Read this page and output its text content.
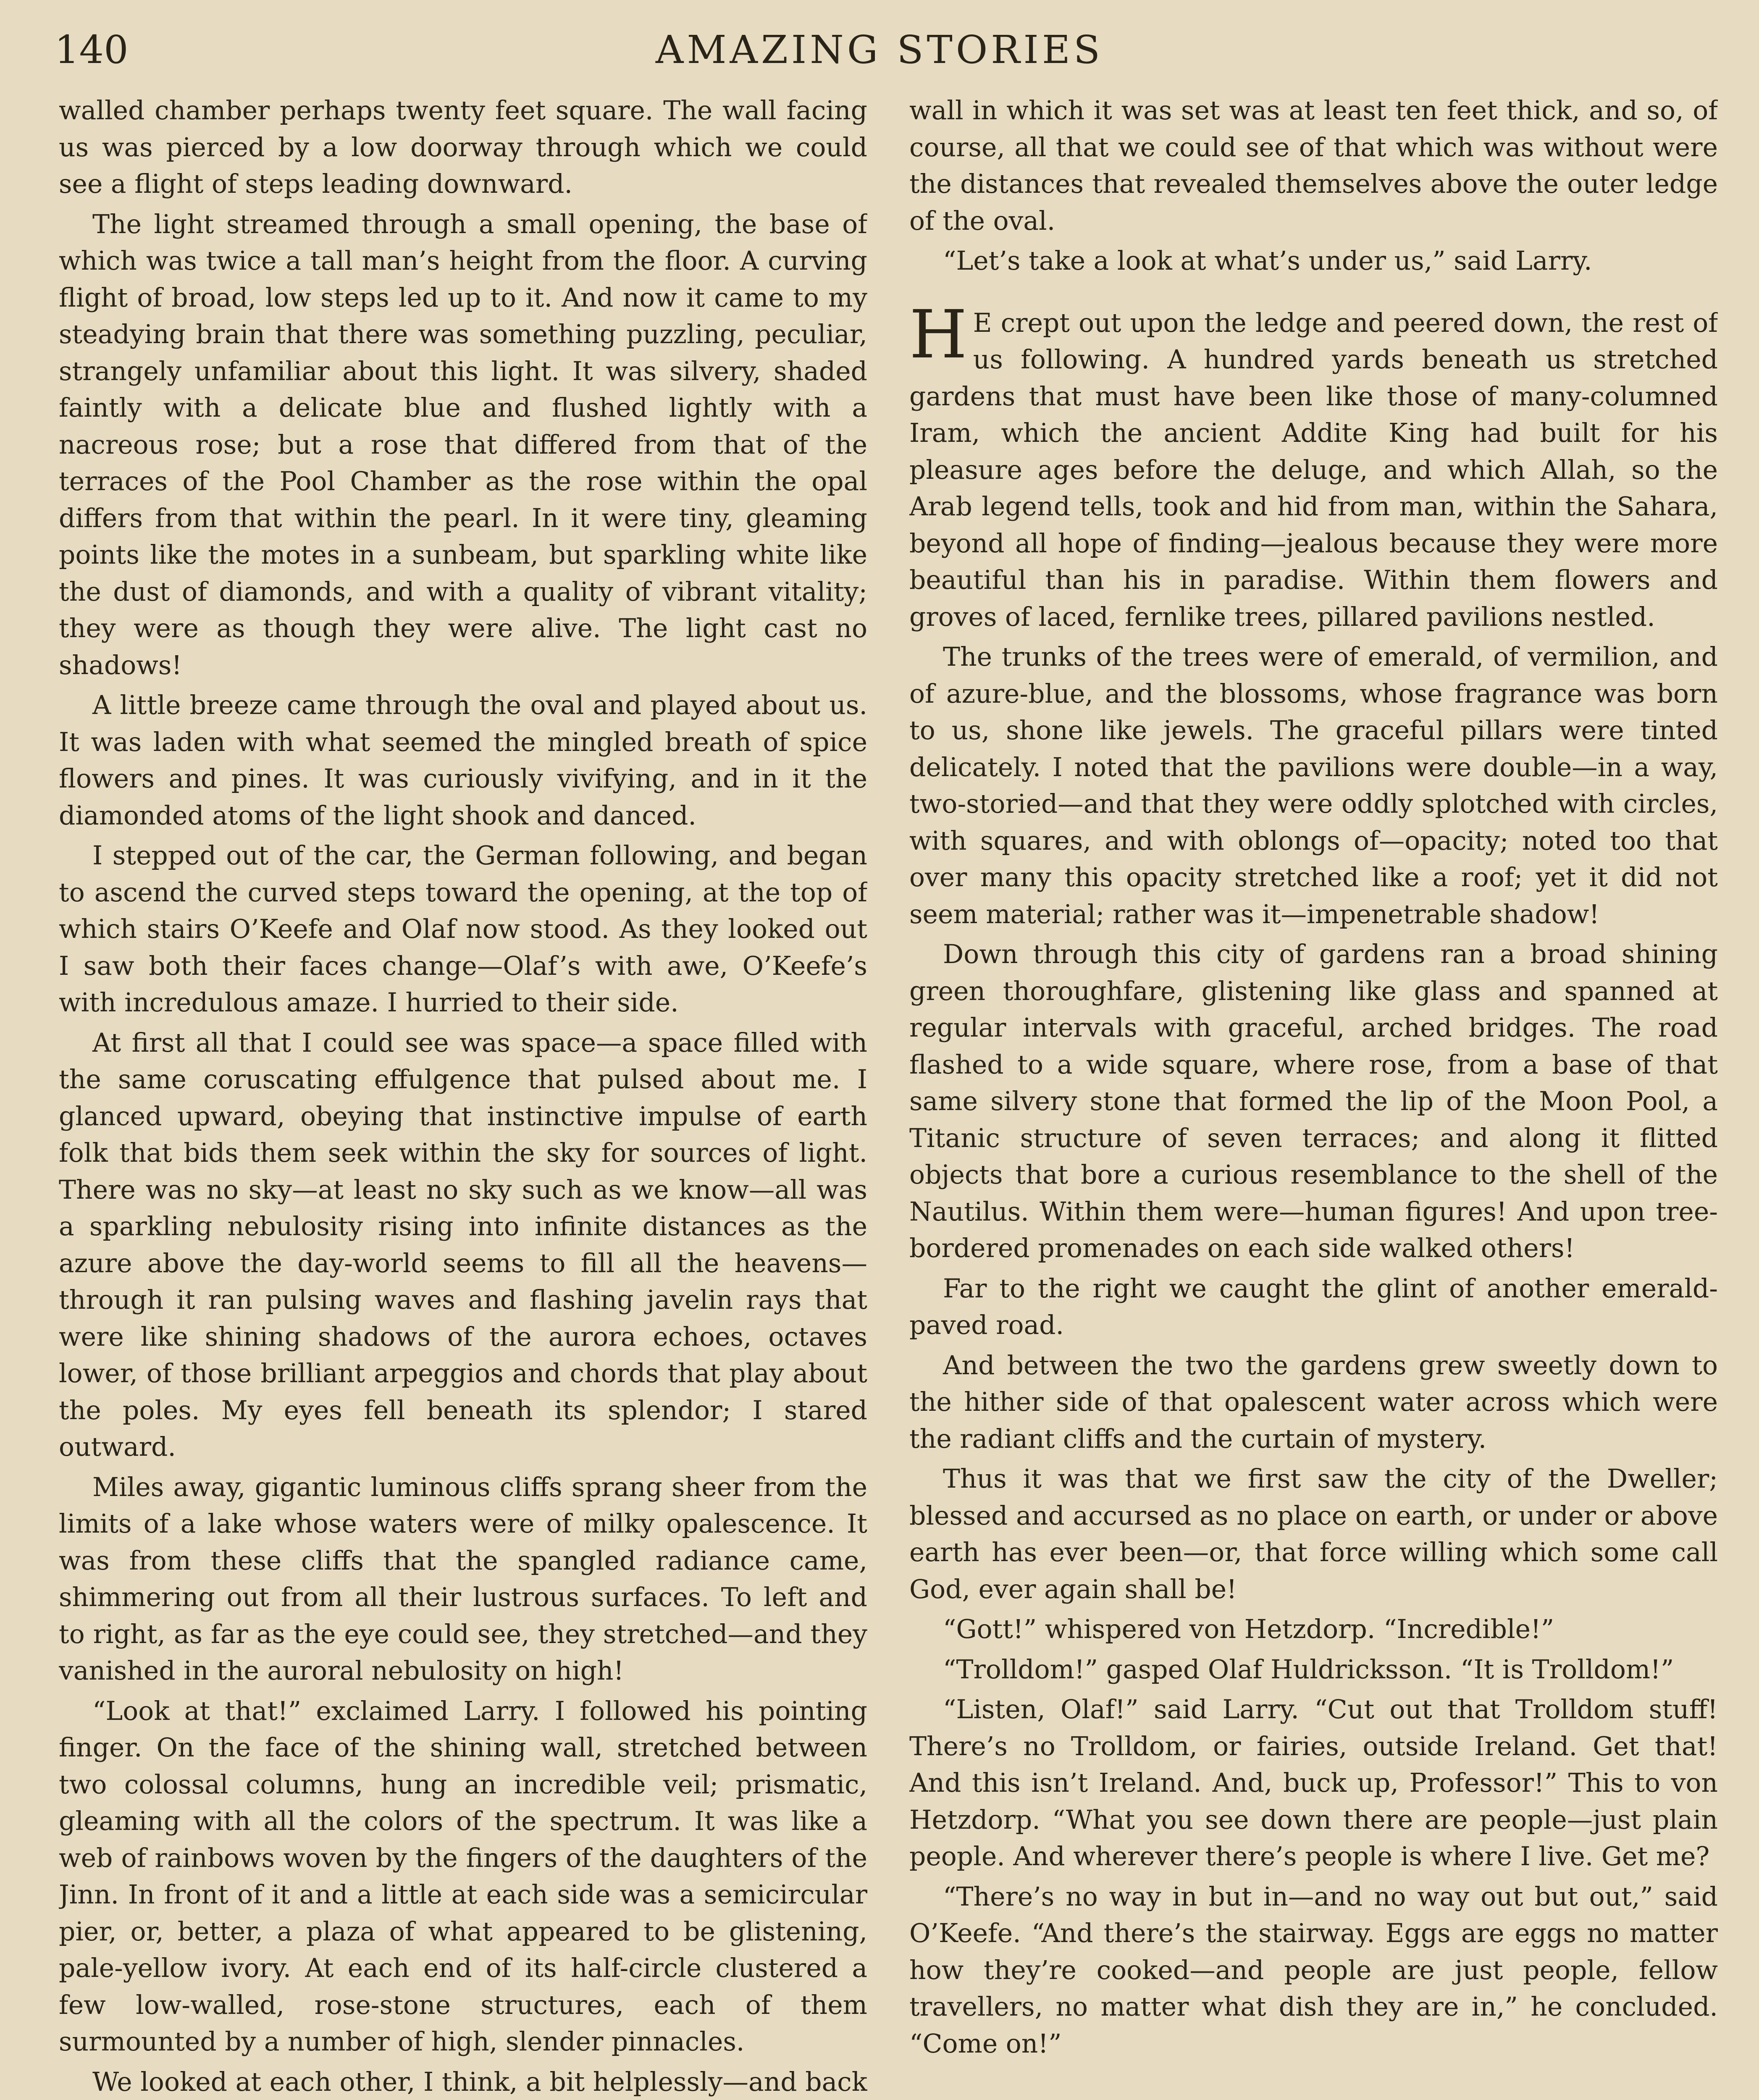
140	AMAZING STORIES

walled chamber perhaps twenty feet square. The wall facing us was pierced by a low doorway through which we could see a flight of steps leading downward.

The light streamed through a small opening, the base of which was twice a tall man’s height from the floor. A curving flight of broad, low steps led up to it. And now it came to my steadying brain that there was something puzzling, peculiar, strangely unfamiliar about this light. It was silvery, shaded faintly with a delicate blue and flushed lightly with a nacreous rose; but a rose that differed from that of the terraces of the Pool Chamber as the rose within the opal differs from that within the pearl. In it were tiny, gleaming points like the motes in a sunbeam, but sparkling white like the dust of diamonds, and with a quality of vibrant vitality; they were as though they were alive. The light cast no shadows!

A little breeze came through the oval and played about us. It was laden with what seemed the mingled breath of spice flowers and pines. It was curiously vivifying, and in it the diamonded atoms of the light shook and danced.

I stepped out of the car, the German following, and began to ascend the curved steps toward the opening, at the top of which stairs O’Keefe and Olaf now stood. As they looked out I saw both their faces change—Olaf’s with awe, O’Keefe’s with incredulous amaze. I hurried to their side.

At first all that I could see was space—a space filled with the same coruscating effulgence that pulsed about me. I glanced upward, obeying that instinctive impulse of earth folk that bids them seek within the sky for sources of light. There was no sky—at least no sky such as we know—all was a sparkling nebulosity rising into infinite distances as the azure above the day-world seems to fill all the heavens—through it ran pulsing waves and flashing javelin rays that were like shining shadows of the aurora echoes, octaves lower, of those brilliant arpeggios and chords that play about the poles. My eyes fell beneath its splendor; I stared outward.

Miles away, gigantic luminous cliffs sprang sheer from the limits of a lake whose waters were of milky opalescence. It was from these cliffs that the spangled radiance came, shimmering out from all their lustrous surfaces. To left and to right, as far as the eye could see, they stretched—and they vanished in the auroral nebulosity on high!

“Look at that!” exclaimed Larry. I followed his pointing finger. On the face of the shining wall, stretched between two colossal columns, hung an incredible veil; prismatic, gleaming with all the colors of the spectrum. It was like a web of rainbows woven by the fingers of the daughters of the Jinn. In front of it and a little at each side was a semicircular pier, or, better, a plaza of what appeared to be glistening, pale-yellow ivory. At each end of its half-circle clustered a few low-walled, rose-stone structures, each of them surmounted by a number of high, slender pinnacles.

We looked at each other, I think, a bit helplessly—and back

wall in which it was set was at least ten feet thick, and so, of course, all that we could see of that which was without were the distances that revealed themselves above the outer ledge of the oval.

“Let’s take a look at what’s under us,” said Larry.

H E crept out upon the ledge and peered down, the rest of us following. A hundred yards beneath us stretched gardens that must have been like those of many-columned Iram, which the ancient Addite King had built for his pleasure ages before the deluge, and which Allah, so the Arab legend tells, took and hid from man, within the Sahara, beyond all hope of finding—jealous because they were more beautiful than his in paradise. Within them flowers and groves of laced, fernlike trees, pillared pavilions nestled.

The trunks of the trees were of emerald, of vermilion, and of azure-blue, and the blossoms, whose fragrance was born to us, shone like jewels. The graceful pillars were tinted delicately. I noted that the pavilions were double—in a way, two-storied—and that they were oddly splotched with circles, with squares, and with oblongs of—opacity; noted too that over many this opacity stretched like a roof; yet it did not seem material; rather was it—impenetrable shadow!

Down through this city of gardens ran a broad shining green thoroughfare, glistening like glass and spanned at regular intervals with graceful, arched bridges. The road flashed to a wide square, where rose, from a base of that same silvery stone that formed the lip of the Moon Pool, a Titanic structure of seven terraces; and along it flitted objects that bore a curious resemblance to the shell of the Nautilus. Within them were—human figures! And upon tree-bordered promenades on each side walked others!

Far to the right we caught the glint of another emerald-paved road.

And between the two the gardens grew sweetly down to the hither side of that opalescent water across which were the radiant cliffs and the curtain of mystery.

Thus it was that we first saw the city of the Dweller; blessed and accursed as no place on earth, or under or above earth has ever been—or, that force willing which some call God, ever again shall be!

“Gott!” whispered von Hetzdorp. “Incredible!”

“Trolldom!” gasped Olaf Huldricksson. “It is Trolldom!”

“Listen, Olaf!” said Larry. “Cut out that Trolldom stuff! There’s no Trolldom, or fairies, outside Ireland. Get that! And this isn’t Ireland. And, buck up, Professor!” This to von Hetzdorp. “What you see down there are people—just plain people. And wherever there’s people is where I live. Get me?

“There’s no way in but in—and no way out but out,” said O’Keefe. “And there’s the stairway. Eggs are eggs no matter how they’re cooked—and people are just people, fellow travellers, no matter what dish they are in,” he concluded. “Come on!”
